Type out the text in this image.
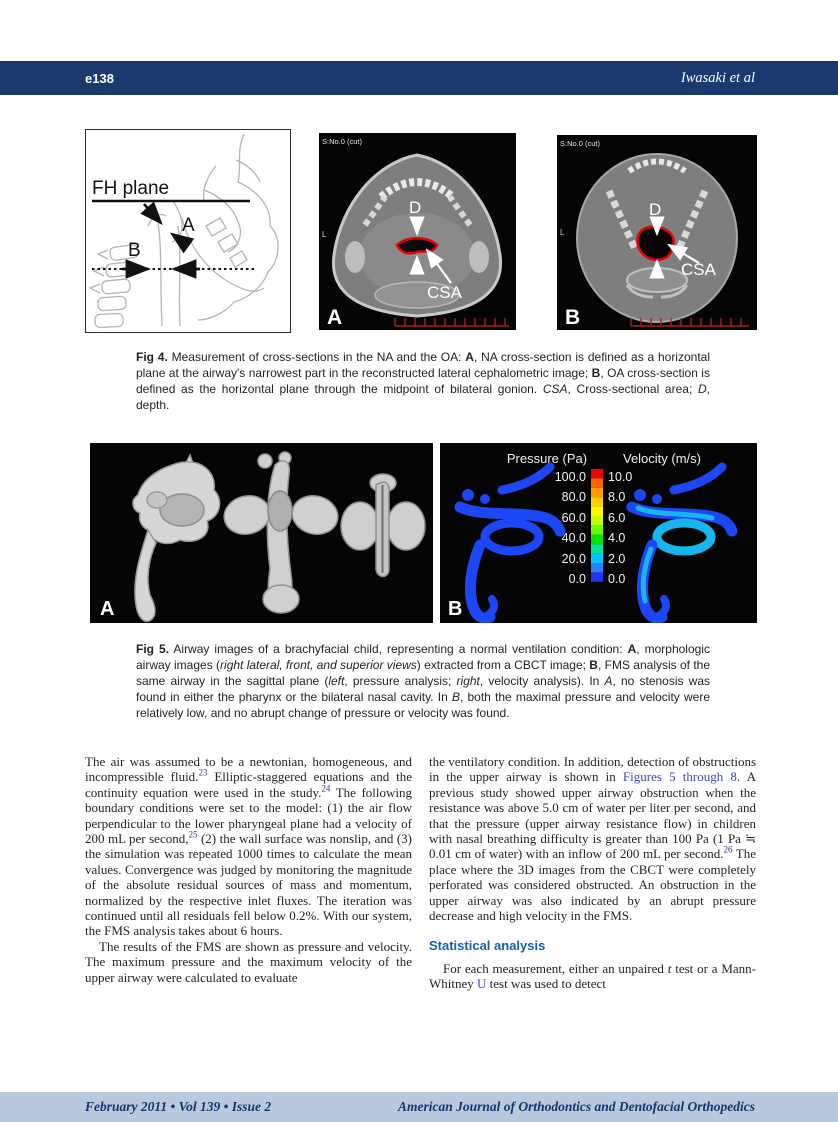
e138	Iwasaki et al
FH plane
A
B
S:No.0 (cut)
L
D
CSA
A
S:No.0 (cut)
L
D
CSA
B

Fig 4. Measurement of cross-sections in the NA and the OA: A, NA cross-section is defined as a horizontal plane at the airway's narrowest part in the reconstructed lateral cephalometric image; B, OA cross-section is defined as the horizontal plane through the midpoint of bilateral gonion. CSA, Cross-sectional area; D, depth.

A
Pressure (Pa)	Velocity (m/s)
100.0
80.0
60.0
40.0
20.0
0.0
10.0
8.0
6.0
4.0
2.0
0.0
B

Fig 5. Airway images of a brachyfacial child, representing a normal ventilation condition: A, morphologic airway images (right lateral, front, and superior views) extracted from a CBCT image; B, FMS analysis of the same airway in the sagittal plane (left, pressure analysis; right, velocity analysis). In A, no stenosis was found in either the pharynx or the bilateral nasal cavity. In B, both the maximal pressure and velocity were relatively low, and no abrupt change of pressure or velocity was found.

The air was assumed to be a newtonian, homogeneous, and incompressible fluid.$^{23}$ Elliptic-staggered equations and the continuity equation were used in the study.$^{24}$ The following boundary conditions were set to the model: (1) the air flow perpendicular to the lower pharyngeal plane had a velocity of 200 mL per second,$^{25}$ (2) the wall surface was nonslip, and (3) the simulation was repeated 1000 times to calculate the mean values. Convergence was judged by monitoring the magnitude of the absolute residual sources of mass and momentum, normalized by the respective inlet fluxes. The iteration was continued until all residuals fell below 0.2%. With our system, the FMS analysis takes about 6 hours.

The results of the FMS are shown as pressure and velocity. The maximum pressure and the maximum velocity of the upper airway were calculated to evaluate

the ventilatory condition. In addition, detection of obstructions in the upper airway is shown in Figures 5 through 8. A previous study showed upper airway obstruction when the resistance was above 5.0 cm of water per liter per second, and that the pressure (upper airway resistance flow) in children with nasal breathing difficulty is greater than 100 Pa (1 Pa ≒ 0.01 cm of water) with an inflow of 200 mL per second.$^{26}$ The place where the 3D images from the CBCT were completely perforated was considered obstructed. An obstruction in the upper airway was also indicated by an abrupt pressure decrease and high velocity in the FMS.

Statistical analysis

For each measurement, either an unpaired t test or a Mann-Whitney U test was used to detect

February 2011 • Vol 139 • Issue 2	American Journal of Orthodontics and Dentofacial Orthopedics
